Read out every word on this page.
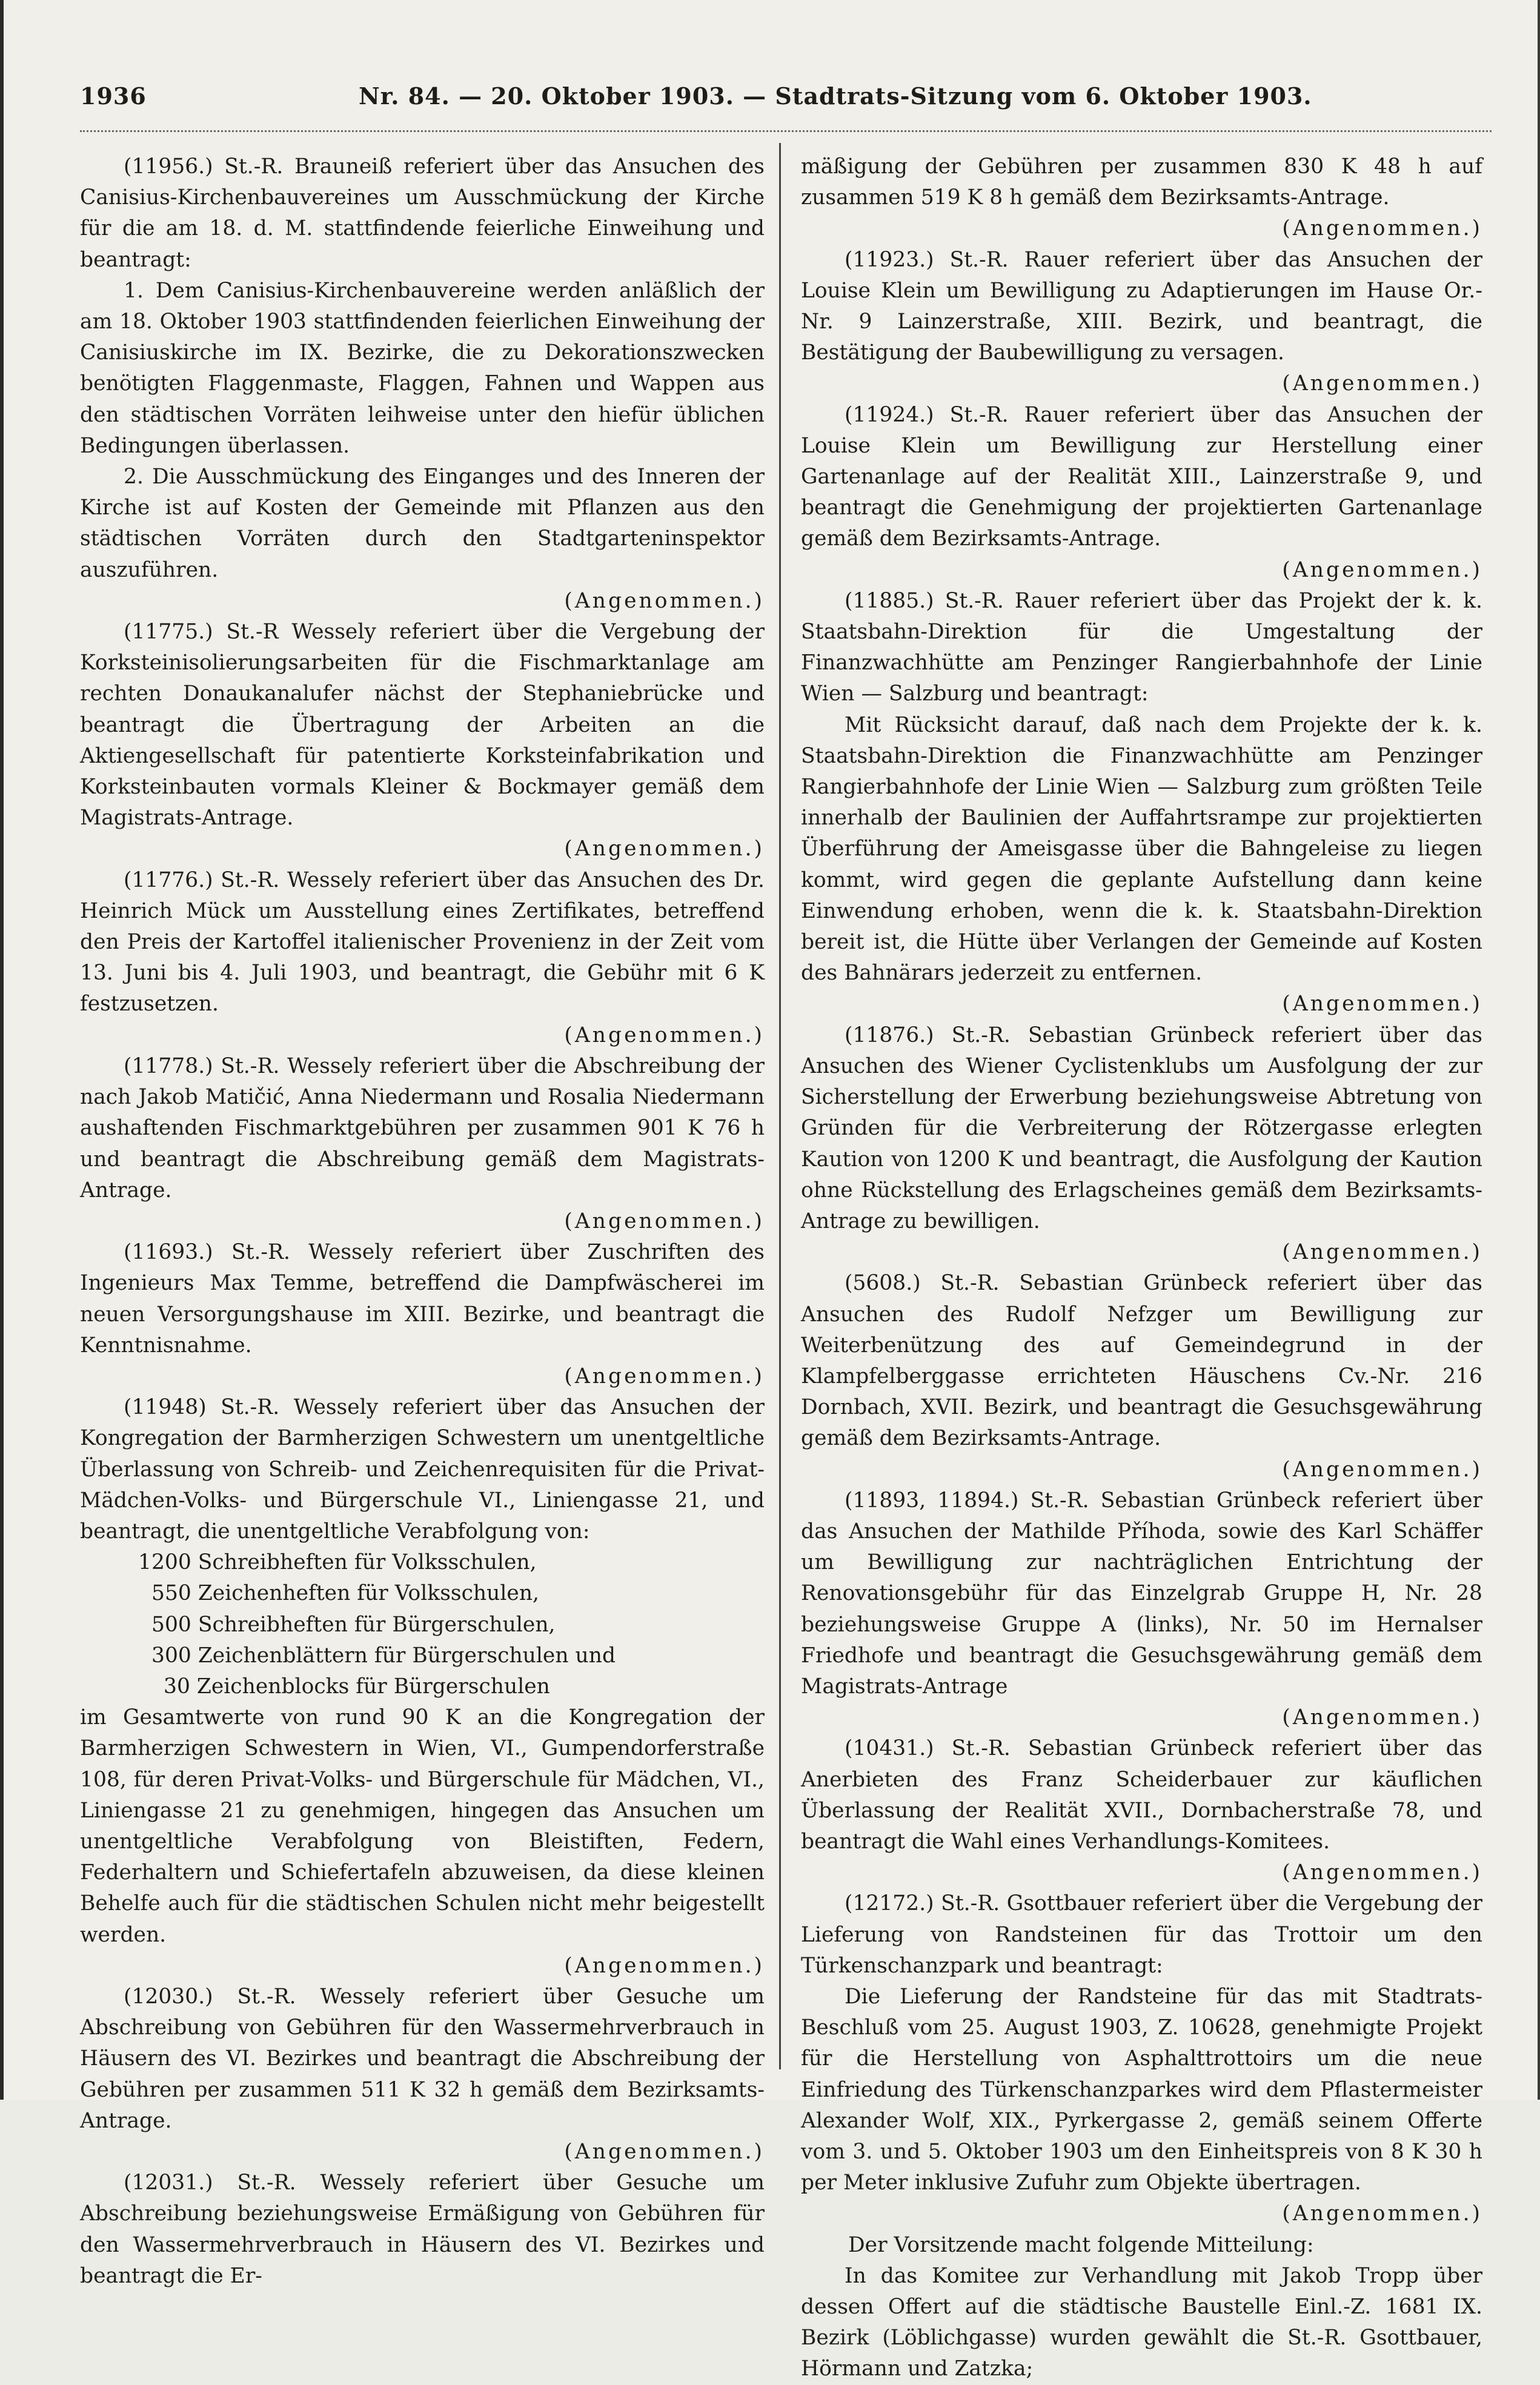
1936	Nr. 84. — 20. Oktober 1903. — Stadtrats-Sitzung vom 6. Oktober 1903.

(11956.) St.-R. Brauneiß referiert über das Ansuchen des Canisius-Kirchenbauvereines um Ausschmückung der Kirche für die am 18. d. M. stattfindende feierliche Einweihung und beantragt:

1. Dem Canisius-Kirchenbauvereine werden anläßlich der am 18. Oktober 1903 stattfindenden feierlichen Einweihung der Canisiuskirche im IX. Bezirke, die zu Dekorationszwecken benötigten Flaggenmaste, Flaggen, Fahnen und Wappen aus den städtischen Vorräten leihweise unter den hiefür üblichen Bedingungen überlassen.

2. Die Ausschmückung des Einganges und des Inneren der Kirche ist auf Kosten der Gemeinde mit Pflanzen aus den städtischen Vorräten durch den Stadtgarteninspektor auszuführen.

(Angenommen.)

(11775.) St.-R Wessely referiert über die Vergebung der Korksteinisolierungsarbeiten für die Fischmarktanlage am rechten Donaukanalufer nächst der Stephaniebrücke und beantragt die Übertragung der Arbeiten an die Aktiengesellschaft für patentierte Korksteinfabrikation und Korksteinbauten vormals Kleiner & Bockmayer gemäß dem Magistrats-Antrage.

(Angenommen.)

(11776.) St.-R. Wessely referiert über das Ansuchen des Dr. Heinrich Mück um Ausstellung eines Zertifikates, betreffend den Preis der Kartoffel italienischer Provenienz in der Zeit vom 13. Juni bis 4. Juli 1903, und beantragt, die Gebühr mit 6 K festzusetzen.

(Angenommen.)

(11778.) St.-R. Wessely referiert über die Abschreibung der nach Jakob Matičić, Anna Niedermann und Rosalia Niedermann aushaftenden Fischmarktgebühren per zusammen 901 K 76 h und beantragt die Abschreibung gemäß dem Magistrats-Antrage.

(Angenommen.)

(11693.) St.-R. Wessely referiert über Zuschriften des Ingenieurs Max Temme, betreffend die Dampfwäscherei im neuen Versorgungshause im XIII. Bezirke, und beantragt die Kenntnisnahme.

(Angenommen.)

(11948) St.-R. Wessely referiert über das Ansuchen der Kongregation der Barmherzigen Schwestern um unentgeltliche Überlassung von Schreib- und Zeichenrequisiten für die Privat-Mädchen-Volks- und Bürgerschule VI., Liniengasse 21, und beantragt, die unentgeltliche Verabfolgung von:

1200 Schreibheften für Volksschulen,
550 Zeichenheften für Volksschulen,
500 Schreibheften für Bürgerschulen,
300 Zeichenblättern für Bürgerschulen und
30 Zeichenblocks für Bürgerschulen

im Gesamtwerte von rund 90 K an die Kongregation der Barmherzigen Schwestern in Wien, VI., Gumpendorferstraße 108, für deren Privat-Volks- und Bürgerschule für Mädchen, VI., Liniengasse 21 zu genehmigen, hingegen das Ansuchen um unentgeltliche Verabfolgung von Bleistiften, Federn, Federhaltern und Schiefertafeln abzuweisen, da diese kleinen Behelfe auch für die städtischen Schulen nicht mehr beigestellt werden.

(Angenommen.)

(12030.) St.-R. Wessely referiert über Gesuche um Abschreibung von Gebühren für den Wassermehrverbrauch in Häusern des VI. Bezirkes und beantragt die Abschreibung der Gebühren per zusammen 511 K 32 h gemäß dem Bezirksamts-Antrage.

(Angenommen.)

(12031.) St.-R. Wessely referiert über Gesuche um Abschreibung beziehungsweise Ermäßigung von Gebühren für den Wassermehrverbrauch in Häusern des VI. Bezirkes und beantragt die Er-

mäßigung der Gebühren per zusammen 830 K 48 h auf zusammen 519 K 8 h gemäß dem Bezirksamts-Antrage.

(Angenommen.)

(11923.) St.-R. Rauer referiert über das Ansuchen der Louise Klein um Bewilligung zu Adaptierungen im Hause Or.-Nr. 9 Lainzerstraße, XIII. Bezirk, und beantragt, die Bestätigung der Baubewilligung zu versagen.

(Angenommen.)

(11924.) St.-R. Rauer referiert über das Ansuchen der Louise Klein um Bewilligung zur Herstellung einer Gartenanlage auf der Realität XIII., Lainzerstraße 9, und beantragt die Genehmigung der projektierten Gartenanlage gemäß dem Bezirksamts-Antrage.

(Angenommen.)

(11885.) St.-R. Rauer referiert über das Projekt der k. k. Staatsbahn-Direktion für die Umgestaltung der Finanzwachhütte am Penzinger Rangierbahnhofe der Linie Wien — Salzburg und beantragt:

Mit Rücksicht darauf, daß nach dem Projekte der k. k. Staatsbahn-Direktion die Finanzwachhütte am Penzinger Rangierbahnhofe der Linie Wien — Salzburg zum größten Teile innerhalb der Baulinien der Auffahrtsrampe zur projektierten Überführung der Ameisgasse über die Bahngeleise zu liegen kommt, wird gegen die geplante Aufstellung dann keine Einwendung erhoben, wenn die k. k. Staatsbahn-Direktion bereit ist, die Hütte über Verlangen der Gemeinde auf Kosten des Bahnärars jederzeit zu entfernen.

(Angenommen.)

(11876.) St.-R. Sebastian Grünbeck referiert über das Ansuchen des Wiener Cyclistenklubs um Ausfolgung der zur Sicherstellung der Erwerbung beziehungsweise Abtretung von Gründen für die Verbreiterung der Rötzergasse erlegten Kaution von 1200 K und beantragt, die Ausfolgung der Kaution ohne Rückstellung des Erlagscheines gemäß dem Bezirksamts-Antrage zu bewilligen.

(Angenommen.)

(5608.) St.-R. Sebastian Grünbeck referiert über das Ansuchen des Rudolf Nefzger um Bewilligung zur Weiterbenützung des auf Gemeindegrund in der Klampfelberggasse errichteten Häuschens Cv.-Nr. 216 Dornbach, XVII. Bezirk, und beantragt die Gesuchsgewährung gemäß dem Bezirksamts-Antrage.

(Angenommen.)

(11893, 11894.) St.-R. Sebastian Grünbeck referiert über das Ansuchen der Mathilde Příhoda, sowie des Karl Schäffer um Bewilligung zur nachträglichen Entrichtung der Renovationsgebühr für das Einzelgrab Gruppe H, Nr. 28 beziehungsweise Gruppe A (links), Nr. 50 im Hernalser Friedhofe und beantragt die Gesuchsgewährung gemäß dem Magistrats-Antrage

(Angenommen.)

(10431.) St.-R. Sebastian Grünbeck referiert über das Anerbieten des Franz Scheiderbauer zur käuflichen Überlassung der Realität XVII., Dornbacherstraße 78, und beantragt die Wahl eines Verhandlungs-Komitees.

(Angenommen.)

(12172.) St.-R. Gsottbauer referiert über die Vergebung der Lieferung von Randsteinen für das Trottoir um den Türkenschanzpark und beantragt:

Die Lieferung der Randsteine für das mit Stadtrats-Beschluß vom 25. August 1903, Z. 10628, genehmigte Projekt für die Herstellung von Asphalttrottoirs um die neue Einfriedung des Türkenschanzparkes wird dem Pflastermeister Alexander Wolf, XIX., Pyrkergasse 2, gemäß seinem Offerte vom 3. und 5. Oktober 1903 um den Einheitspreis von 8 K 30 h per Meter inklusive Zufuhr zum Objekte übertragen.

(Angenommen.)

Der Vorsitzende macht folgende Mitteilung:

In das Komitee zur Verhandlung mit Jakob Tropp über dessen Offert auf die städtische Baustelle Einl.-Z. 1681 IX. Bezirk (Löblichgasse) wurden gewählt die St.-R. Gsottbauer, Hörmann und Zatzka;
